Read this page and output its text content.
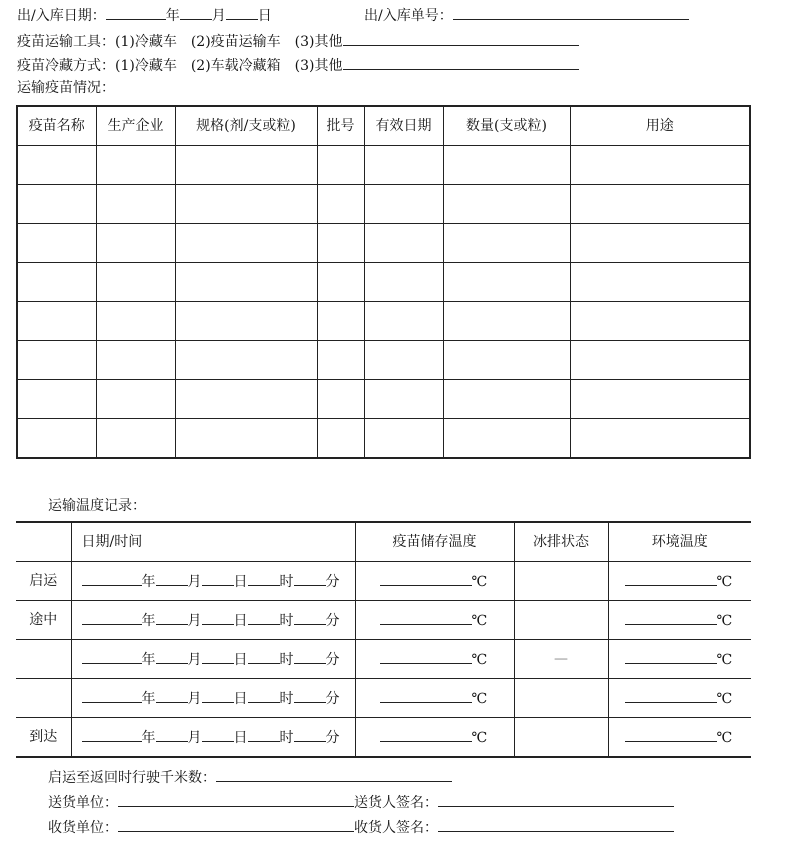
出/入库日期：	年 月 日	出/入库单号：
疫苗运输工具：(1)冷藏车　(2)疫苗运输车　(3)其他
疫苗冷藏方式：(1)冷藏车　(2)车载冷藏箱　(3)其他
运输疫苗情况：
疫苗名称	生产企业	规格(剂/支或粒)	批号	有效日期	数量(支或粒)	用途

运输温度记录：
	日期/时间	疫苗储存温度	冰排状态	环境温度
启运	年 月 日 时 分	℃		℃
途中	年 月 日 时 分	℃		℃
	年 月 日 时 分	℃	—	℃
	年 月 日 时 分	℃		℃
到达	年 月 日 时 分	℃		℃
启运至返回时行驶千米数：
送货单位：	送货人签名：
收货单位：	收货人签名：
